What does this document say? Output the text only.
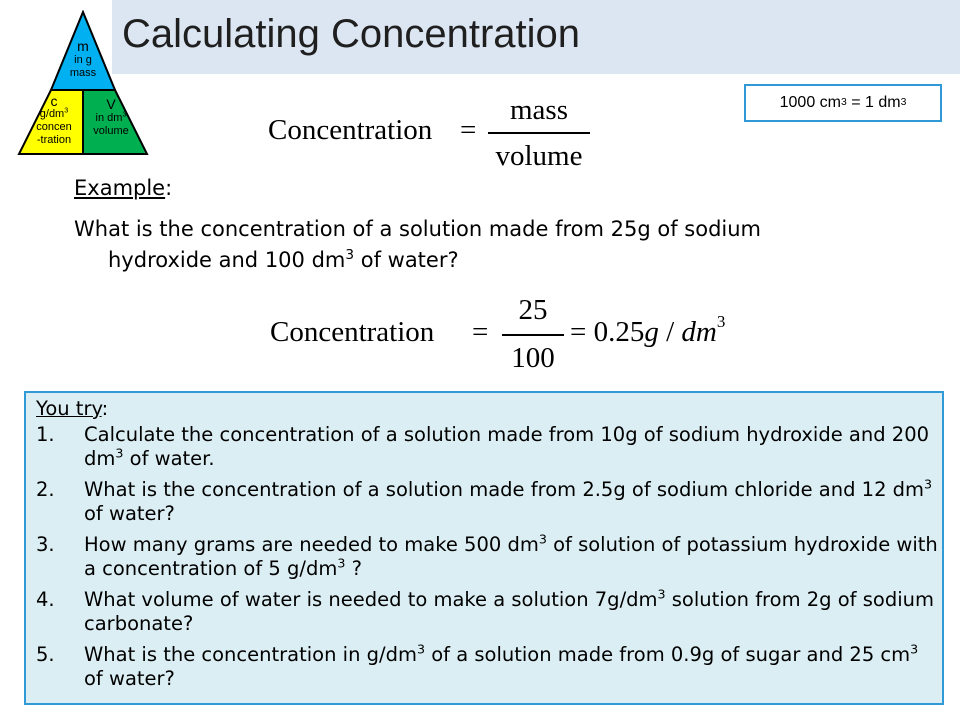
Calculating Concentration
m
in g
mass
c
$g/dm^3$
concen
-tration
V
in $dm^3$
volume
1000 cm 3 = 1 dm 3
Concentration =
mass
volume
Example:
What is the concentration of a solution made from 25g of sodium
hydroxide and 100 $dm^3$ of water?
Concentration =
25
100
= $0.25g / dm^3$
You try:
1. Calculate the concentration of a solution made from 10g of sodium hydroxide and 200 $dm^3$ of water.
2. What is the concentration of a solution made from 2.5g of sodium chloride and 12 $dm^3$ of water?
3. How many grams are needed to make 500 $dm^3$ of solution of potassium hydroxide with a concentration of 5 $g/dm^3$ ?
4. What volume of water is needed to make a solution $7g/dm^3$ solution from 2g of sodium carbonate?
5. What is the concentration in $g/dm^3$ of a solution made from 0.9g of sugar and 25 $cm^3$ of water?
